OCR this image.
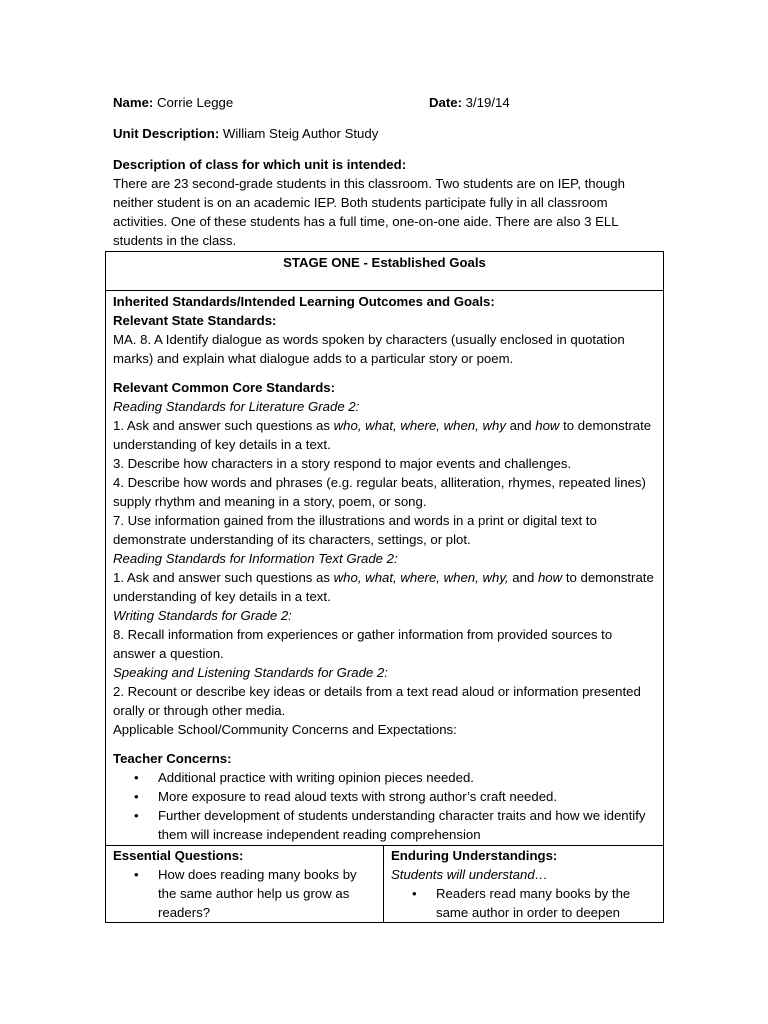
Name: Corrie Legge	Date: 3/19/14
Unit Description: William Steig Author Study
Description of class for which unit is intended:
There are 23 second-grade students in this classroom. Two students are on IEP, though neither student is on an academic IEP. Both students participate fully in all classroom activities. One of these students has a full time, one-on-one aide. There are also 3 ELL students in the class.
STAGE ONE - Established Goals

Inherited Standards/Intended Learning Outcomes and Goals:
Relevant State Standards:
MA. 8. A Identify dialogue as words spoken by characters (usually enclosed in quotation marks) and explain what dialogue adds to a particular story or poem.
Relevant Common Core Standards:
Reading Standards for Literature Grade 2:
1. Ask and answer such questions as who, what, where, when, why and how to demonstrate understanding of key details in a text.
3. Describe how characters in a story respond to major events and challenges.
4. Describe how words and phrases (e.g. regular beats, alliteration, rhymes, repeated lines) supply rhythm and meaning in a story, poem, or song.
7. Use information gained from the illustrations and words in a print or digital text to demonstrate understanding of its characters, settings, or plot.
Reading Standards for Information Text Grade 2:
1. Ask and answer such questions as who, what, where, when, why, and how to demonstrate understanding of key details in a text.
Writing Standards for Grade 2:
8. Recall information from experiences or gather information from provided sources to answer a question.
Speaking and Listening Standards for Grade 2:
2. Recount or describe key ideas or details from a text read aloud or information presented orally or through other media.
Applicable School/Community Concerns and Expectations:
Teacher Concerns:
• Additional practice with writing opinion pieces needed.
• More exposure to read aloud texts with strong author’s craft needed.
• Further development of students understanding character traits and how we identify them will increase independent reading comprehension

Essential Questions:
• How does reading many books by the same author help us grow as readers?

Enduring Understandings:
Students will understand…
• Readers read many books by the same author in order to deepen
